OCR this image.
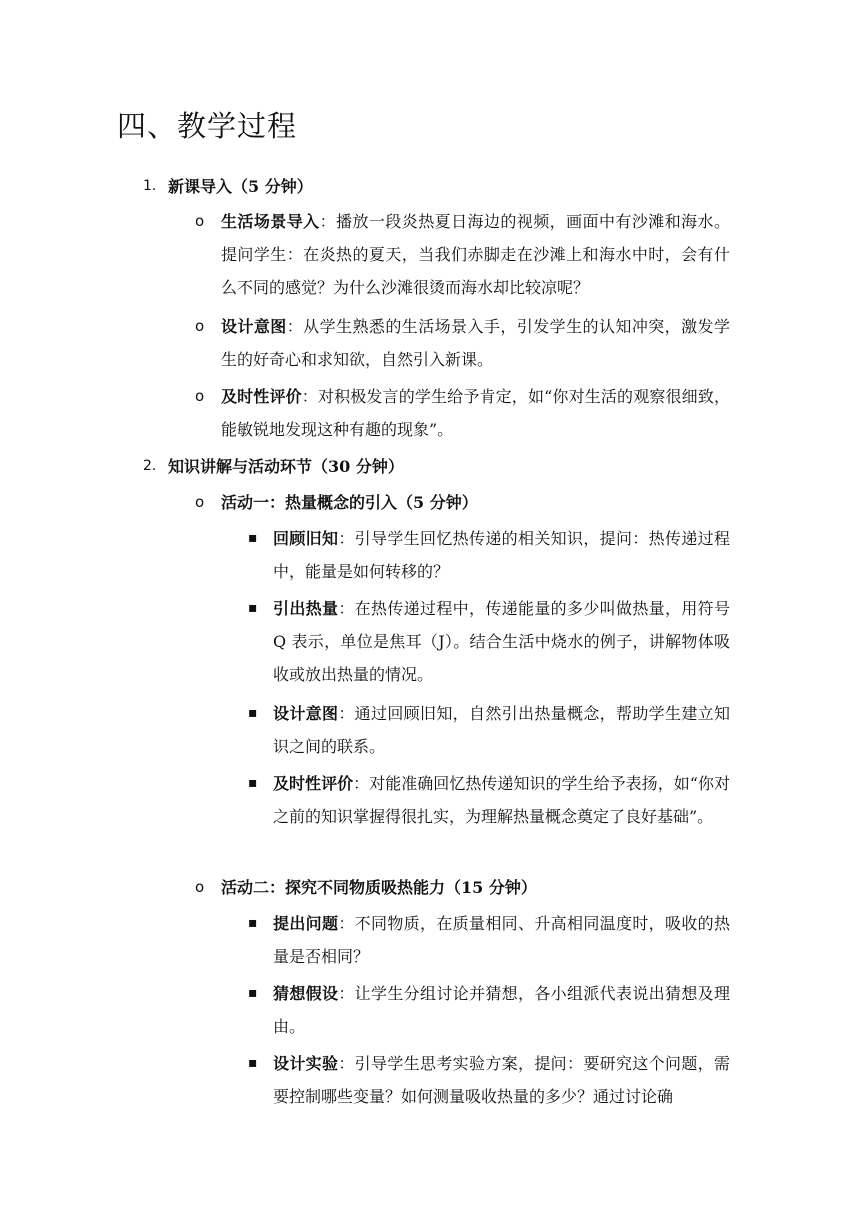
四、教学过程
1. 新课导入（5 分钟）
o 生活场景导入：播放一段炎热夏日海边的视频，画面中有沙滩和海水。提问学生：在炎热的夏天，当我们赤脚走在沙滩上和海水中时，会有什么不同的感觉？为什么沙滩很烫而海水却比较凉呢？
o 设计意图：从学生熟悉的生活场景入手，引发学生的认知冲突，激发学生的好奇心和求知欲，自然引入新课。
o 及时性评价：对积极发言的学生给予肯定，如“你对生活的观察很细致，能敏锐地发现这种有趣的现象”。
2. 知识讲解与活动环节（30 分钟）
o 活动一：热量概念的引入（5 分钟）
▪ 回顾旧知：引导学生回忆热传递的相关知识，提问：热传递过程中，能量是如何转移的？
▪ 引出热量：在热传递过程中，传递能量的多少叫做热量，用符号 Q 表示，单位是焦耳（J）。结合生活中烧水的例子，讲解物体吸收或放出热量的情况。
▪ 设计意图：通过回顾旧知，自然引出热量概念，帮助学生建立知识之间的联系。
▪ 及时性评价：对能准确回忆热传递知识的学生给予表扬，如“你对之前的知识掌握得很扎实，为理解热量概念奠定了良好基础”。
o 活动二：探究不同物质吸热能力（15 分钟）
▪ 提出问题：不同物质，在质量相同、升高相同温度时，吸收的热量是否相同？
▪ 猜想假设：让学生分组讨论并猜想，各小组派代表说出猜想及理由。
▪ 设计实验：引导学生思考实验方案，提问：要研究这个问题，需要控制哪些变量？如何测量吸收热量的多少？通过讨论确
